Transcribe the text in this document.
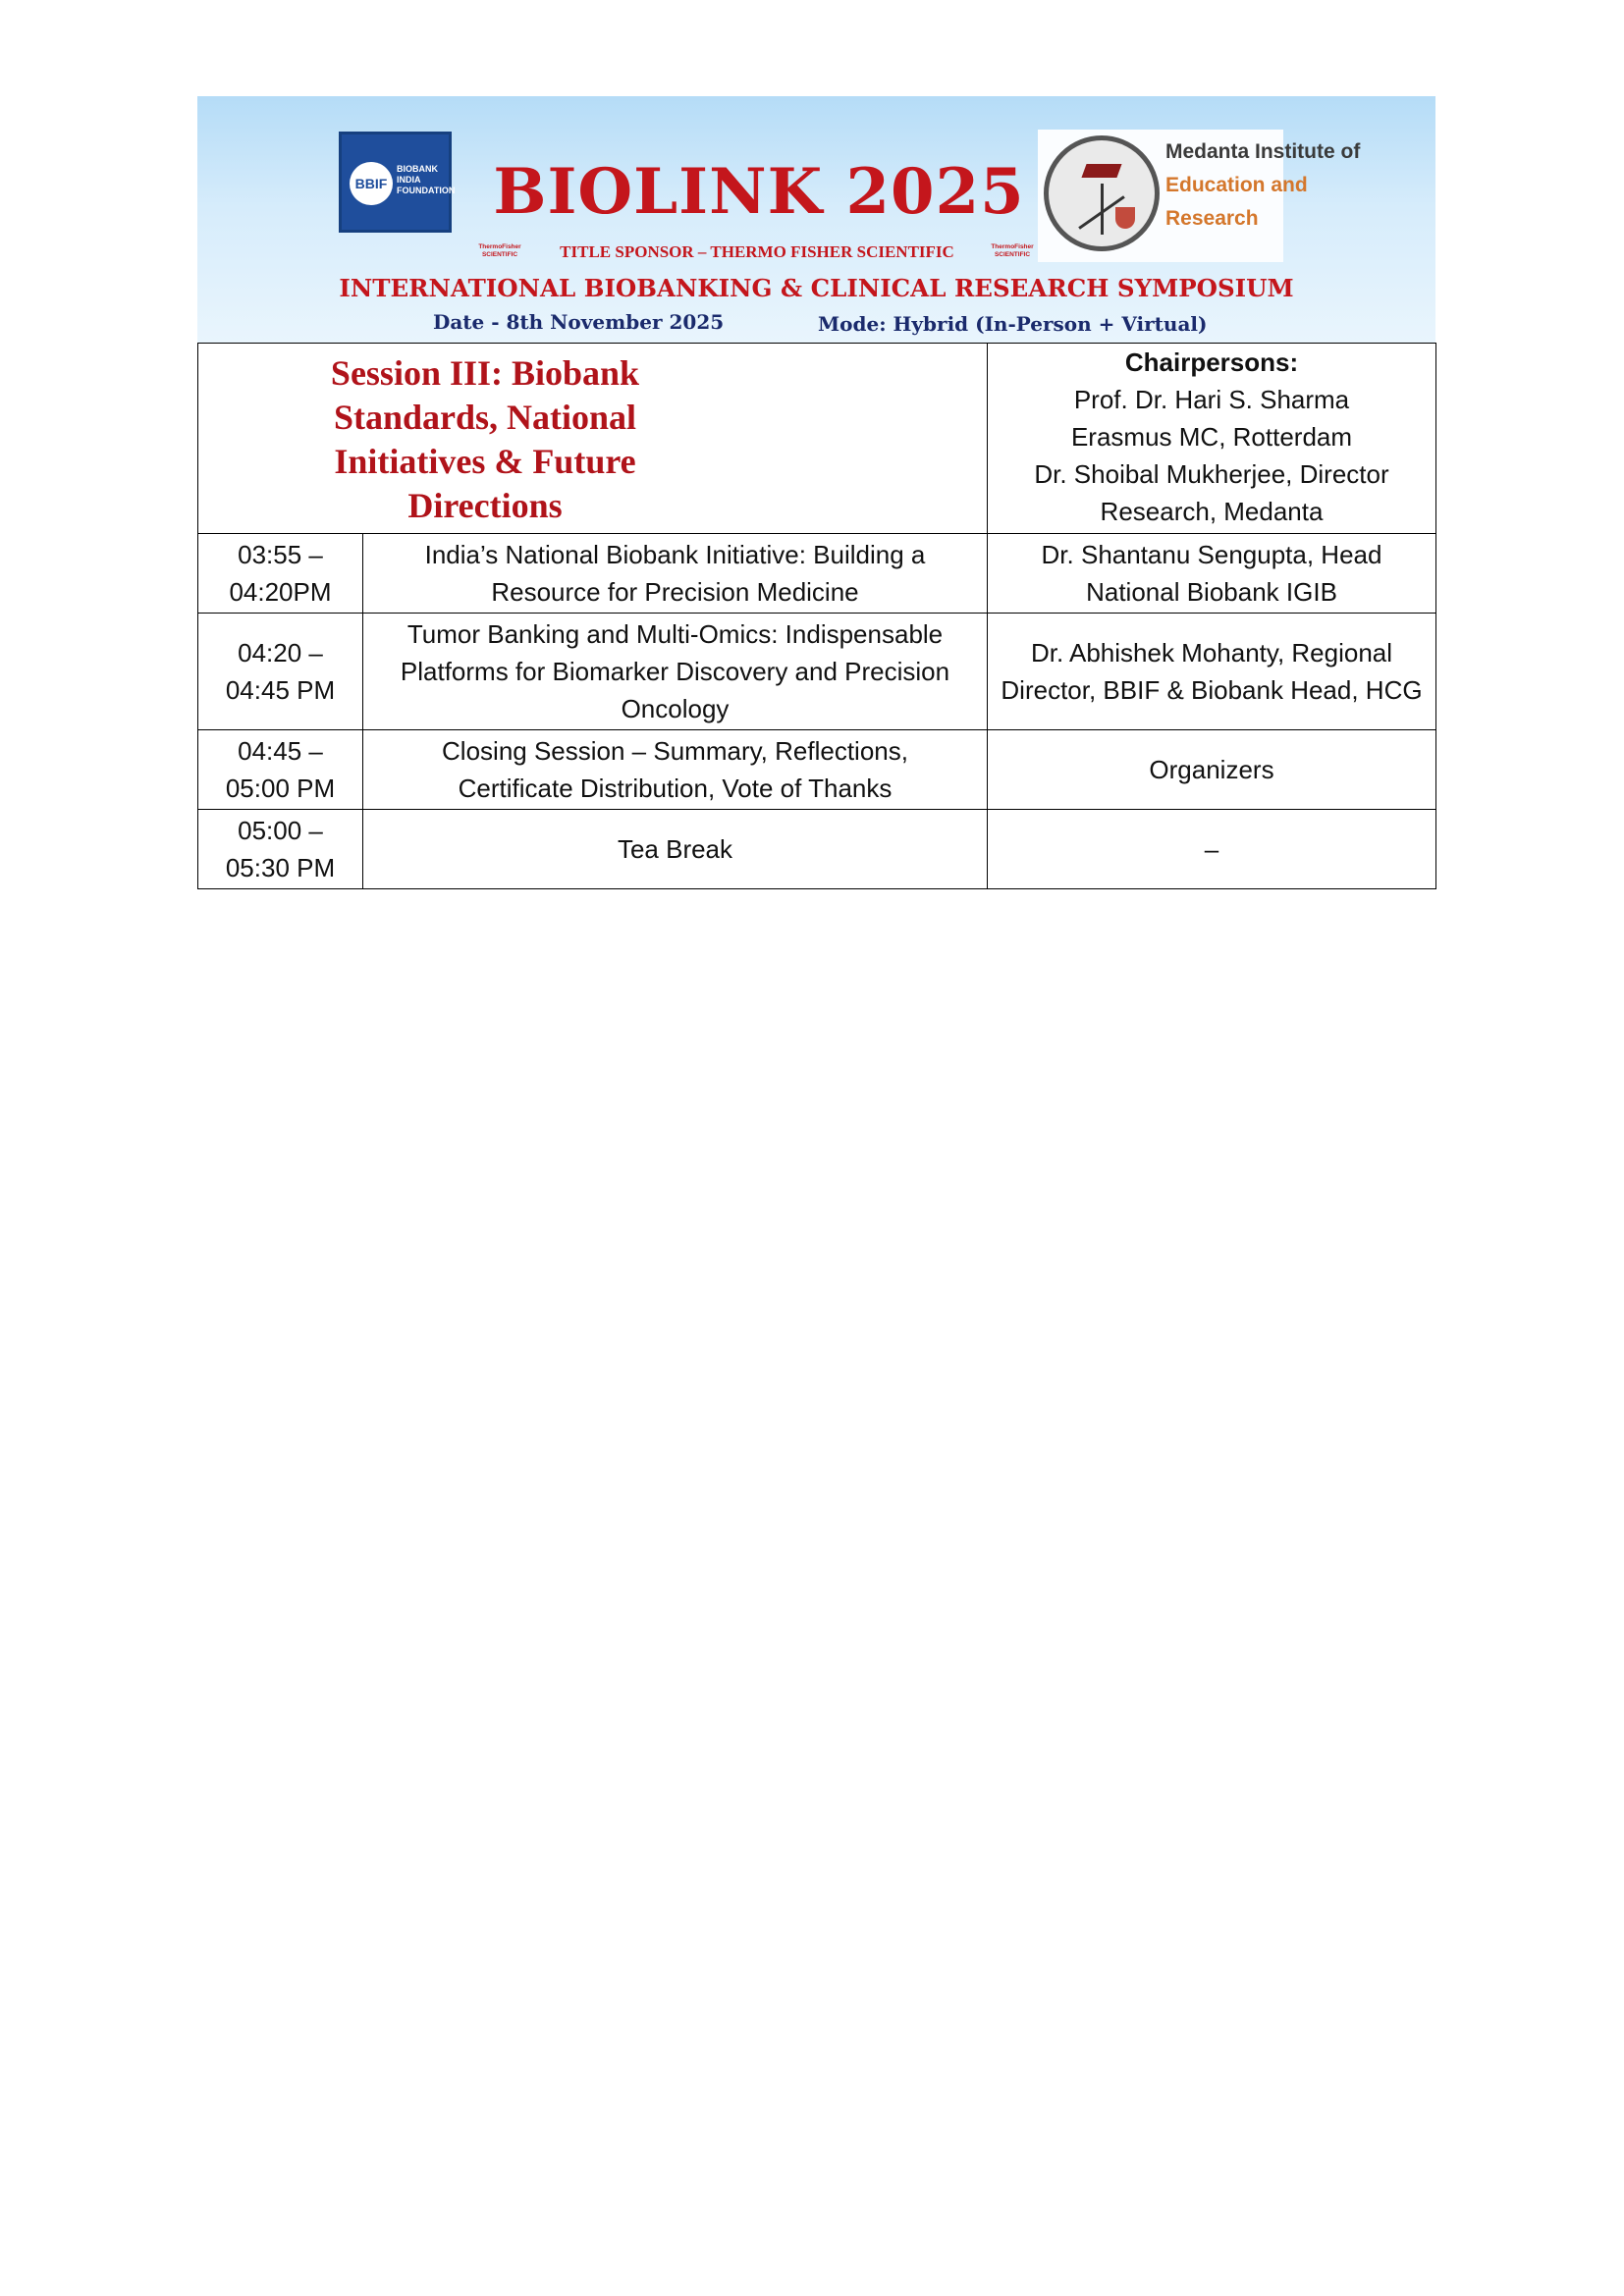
BBIF
BIOBANK
INDIA
FOUNDATION BIOLINK 2025
ThermoFisher SCIENTIFIC	TITLE SPONSOR – THERMO FISHER SCIENTIFIC	ThermoFisher SCIENTIFIC

Medanta Institute of
Education and
Research

INTERNATIONAL BIOBANKING & CLINICAL RESEARCH SYMPOSIUM
Date - 8th November 2025	Mode: Hybrid (In-Person + Virtual)
Session III: Biobank Standards, National Initiatives & Future Directions		Chairpersons:
Prof. Dr. Hari S. Sharma
Erasmus MC, Rotterdam
Dr. Shoibal Mukherjee, Director
Research, Medanta

03:55 – 04:20PM	India’s National Biobank Initiative: Building a Resource for Precision Medicine	Dr. Shantanu Sengupta, Head National Biobank IGIB

04:20 – 04:45 PM	Tumor Banking and Multi-Omics: Indispensable Platforms for Biomarker Discovery and Precision Oncology	Dr. Abhishek Mohanty, Regional Director, BBIF & Biobank Head, HCG

04:45 – 05:00 PM	Closing Session – Summary, Reflections, Certificate Distribution, Vote of Thanks	Organizers

05:00 – 05:30 PM	Tea Break	–
